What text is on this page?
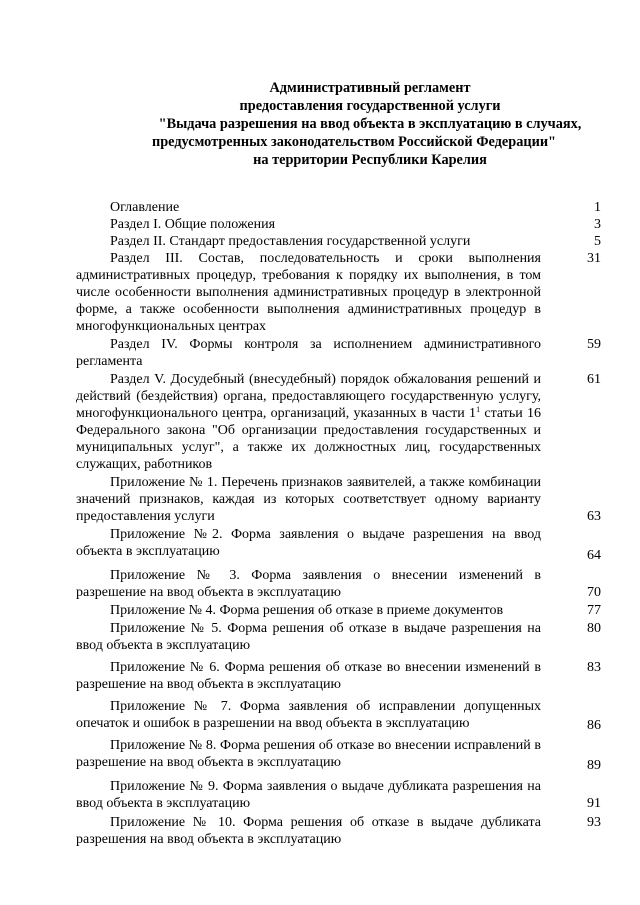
Административный регламент
предоставления государственной услуги
"Выдача разрешения на ввод объекта в эксплуатацию в случаях,
предусмотренных законодательством Российской Федерации"
на территории Республики Карелия
1
Оглавление
3
Раздел I. Общие положения
5
Раздел II. Стандарт предоставления государственной услуги
31
Раздел III. Состав, последовательность и сроки выполнения административных процедур, требования к порядку их выполнения, в том числе особенности выполнения административных процедур в электронной форме, а также особенности выполнения административных процедур в многофункциональных центрах
59
Раздел IV. Формы контроля за исполнением административного регламента
61
Раздел V. Досудебный (внесудебный) порядок обжалования решений и действий (бездействия) органа, предоставляющего государственную услугу, многофункционального центра, организаций, указанных в части $1^1$ статьи 16 Федерального закона "Об организации предоставления государственных и муниципальных услуг", а также их должностных лиц, государственных служащих, работников
63
Приложение № 1. Перечень признаков заявителей, а также комбинации значений признаков, каждая из которых соответствует одному варианту предоставления услуги
64
Приложение №2. Форма заявления о выдаче разрешения на ввод объекта в эксплуатацию
70
Приложение № 3. Форма заявления о внесении изменений в разрешение на ввод объекта в эксплуатацию
77
Приложение № 4. Форма решения об отказе в приеме документов
80
Приложение № 5. Форма решения об отказе в выдаче разрешения на ввод объекта в эксплуатацию
83
Приложение № 6. Форма решения об отказе во внесении изменений в разрешение на ввод объекта в эксплуатацию
86
Приложение № 7. Форма заявления об исправлении допущенных опечаток и ошибок в разрешении на ввод объекта в эксплуатацию
89
Приложение № 8. Форма решения об отказе во внесении исправлений в разрешение на ввод объекта в эксплуатацию
91
Приложение № 9. Форма заявления о выдаче дубликата разрешения на ввод объекта в эксплуатацию
93
Приложение № 10. Форма решения об отказе в выдаче дубликата разрешения на ввод объекта в эксплуатацию
